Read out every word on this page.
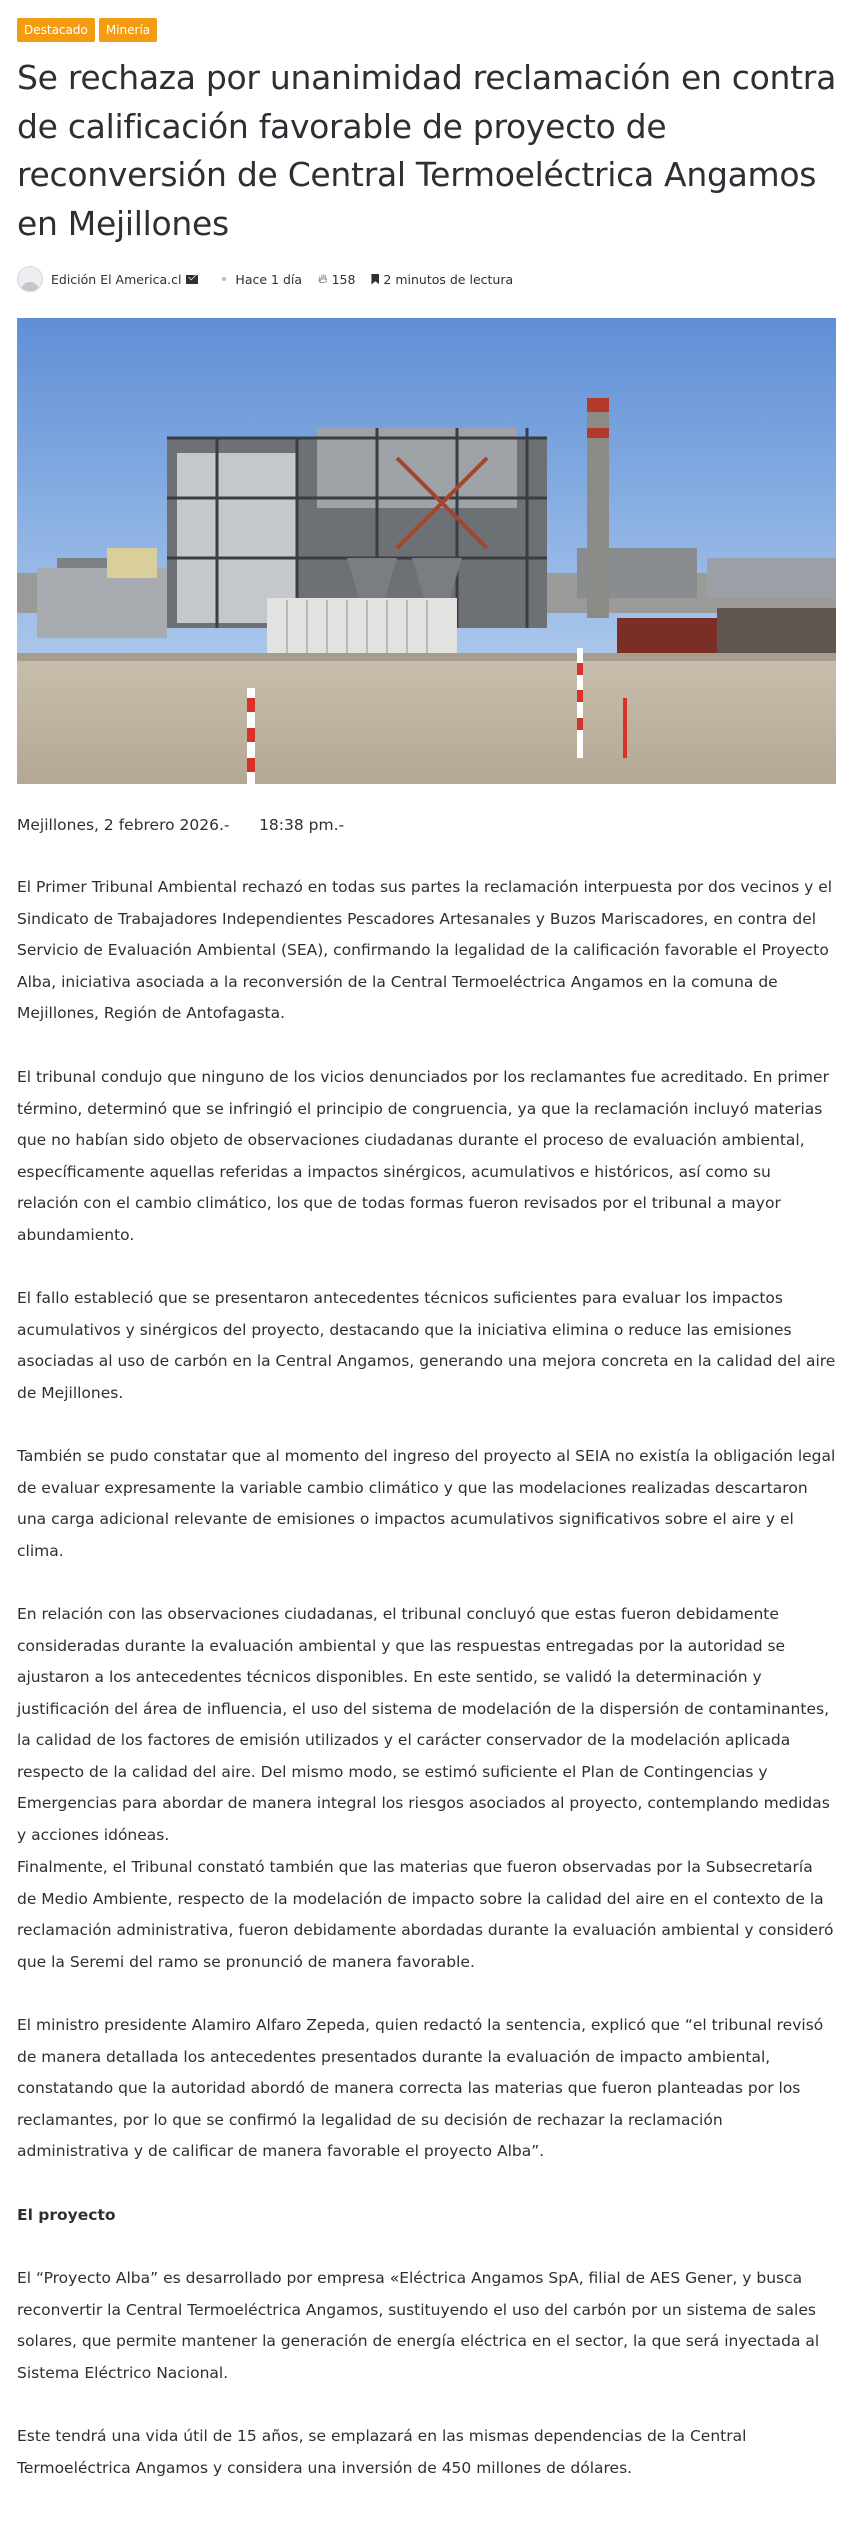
Destacado	Minería
Se rechaza por unanimidad reclamación en contra de calificación favorable de proyecto de reconversión de Central Termoeléctrica Angamos en Mejillones
Edición El America.cl	Hace 1 día 🔥︎ 158 2 minutos de lectura

Mejillones, 2 febrero 2026.-      18:38 pm.-

El Primer Tribunal Ambiental rechazó en todas sus partes la reclamación interpuesta por dos vecinos y el Sindicato de Trabajadores Independientes Pescadores Artesanales y Buzos Mariscadores, en contra del Servicio de Evaluación Ambiental (SEA), confirmando la legalidad de la calificación favorable el Proyecto Alba, iniciativa asociada a la reconversión de la Central Termoeléctrica Angamos en la comuna de Mejillones, Región de Antofagasta.

El tribunal condujo que ninguno de los vicios denunciados por los reclamantes fue acreditado. En primer término, determinó que se infringió el principio de congruencia, ya que la reclamación incluyó materias que no habían sido objeto de observaciones ciudadanas durante el proceso de evaluación ambiental, específicamente aquellas referidas a impactos sinérgicos, acumulativos e históricos, así como su relación con el cambio climático, los que de todas formas fueron revisados por el tribunal a mayor abundamiento.

El fallo estableció que se presentaron antecedentes técnicos suficientes para evaluar los impactos acumulativos y sinérgicos del proyecto, destacando que la iniciativa elimina o reduce las emisiones asociadas al uso de carbón en la Central Angamos, generando una mejora concreta en la calidad del aire de Mejillones.

También se pudo constatar que al momento del ingreso del proyecto al SEIA no existía la obligación legal de evaluar expresamente la variable cambio climático y que las modelaciones realizadas descartaron una carga adicional relevante de emisiones o impactos acumulativos significativos sobre el aire y el clima.

En relación con las observaciones ciudadanas, el tribunal concluyó que estas fueron debidamente consideradas durante la evaluación ambiental y que las respuestas entregadas por la autoridad se ajustaron a los antecedentes técnicos disponibles. En este sentido, se validó la determinación y justificación del área de influencia, el uso del sistema de modelación de la dispersión de contaminantes, la calidad de los factores de emisión utilizados y el carácter conservador de la modelación aplicada respecto de la calidad del aire. Del mismo modo, se estimó suficiente el Plan de Contingencias y Emergencias para abordar de manera integral los riesgos asociados al proyecto, contemplando medidas y acciones idóneas.

Finalmente, el Tribunal constató también que las materias que fueron observadas por la Subsecretaría de Medio Ambiente, respecto de la modelación de impacto sobre la calidad del aire en el contexto de la reclamación administrativa, fueron debidamente abordadas durante la evaluación ambiental y consideró que la Seremi del ramo se pronunció de manera favorable.

El ministro presidente Alamiro Alfaro Zepeda, quien redactó la sentencia, explicó que “el tribunal revisó de manera detallada los antecedentes presentados durante la evaluación de impacto ambiental, constatando que la autoridad abordó de manera correcta las materias que fueron planteadas por los reclamantes, por lo que se confirmó la legalidad de su decisión de rechazar la reclamación administrativa y de calificar de manera favorable el proyecto Alba”.

El proyecto

El “Proyecto Alba” es desarrollado por empresa «Eléctrica Angamos SpA, filial de AES Gener, y busca reconvertir la Central Termoeléctrica Angamos, sustituyendo el uso del carbón por un sistema de sales solares, que permite mantener la generación de energía eléctrica en el sector, la que será inyectada al Sistema Eléctrico Nacional.

Este tendrá una vida útil de 15 años, se emplazará en las mismas dependencias de la Central Termoeléctrica Angamos y considera una inversión de 450 millones de dólares.
